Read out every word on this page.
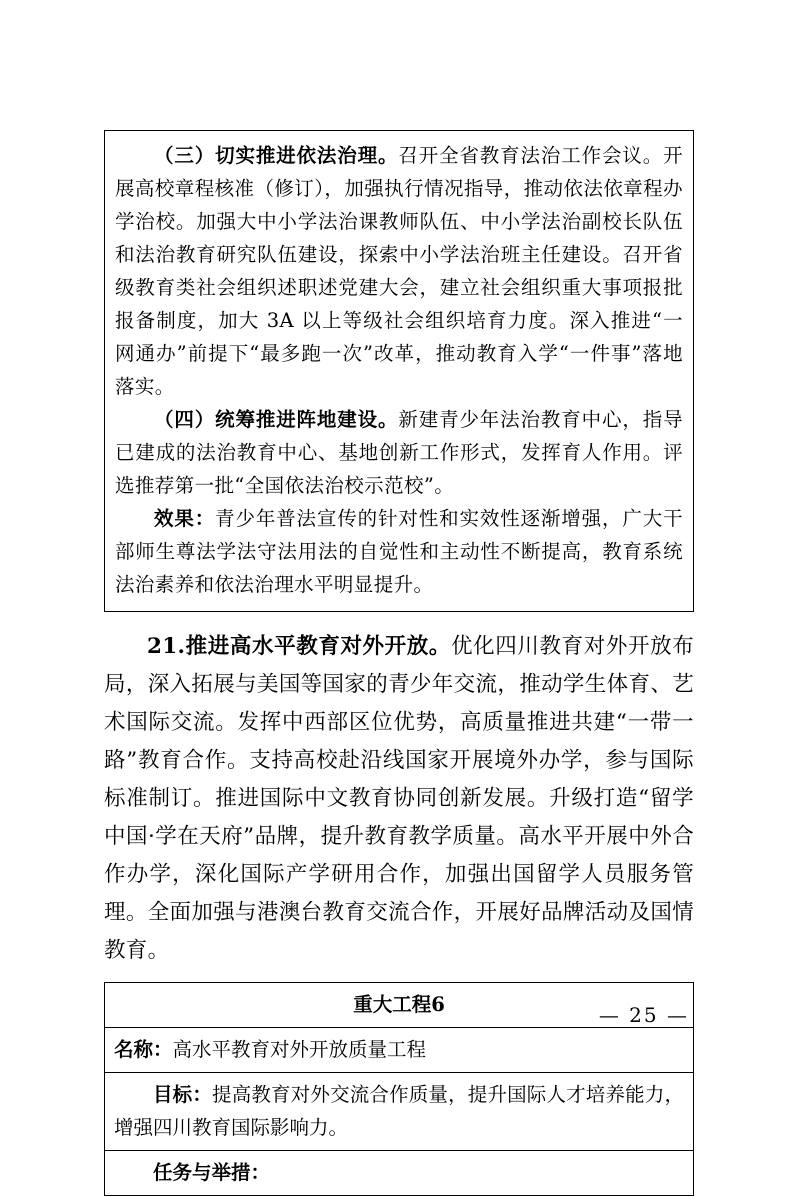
（三）切实推进依法治理。召开全省教育法治工作会议。开展高校章程核准（修订），加强执行情况指导，推动依法依章程办学治校。加强大中小学法治课教师队伍、中小学法治副校长队伍和法治教育研究队伍建设，探索中小学法治班主任建设。召开省级教育类社会组织述职述党建大会，建立社会组织重大事项报批报备制度，加大 3A 以上等级社会组织培育力度。深入推进“一网通办”前提下“最多跑一次”改革，推动教育入学“一件事”落地落实。

（四）统筹推进阵地建设。新建青少年法治教育中心，指导已建成的法治教育中心、基地创新工作形式，发挥育人作用。评选推荐第一批“全国依法治校示范校”。

效果：青少年普法宣传的针对性和实效性逐渐增强，广大干部师生尊法学法守法用法的自觉性和主动性不断提高，教育系统法治素养和依法治理水平明显提升。

21.推进高水平教育对外开放。优化四川教育对外开放布局，深入拓展与美国等国家的青少年交流，推动学生体育、艺术国际交流。发挥中西部区位优势，高质量推进共建“一带一路”教育合作。支持高校赴沿线国家开展境外办学，参与国际标准制订。推进国际中文教育协同创新发展。升级打造“留学中国·学在天府”品牌，提升教育教学质量。高水平开展中外合作办学，深化国际产学研用合作，加强出国留学人员服务管理。全面加强与港澳台教育交流合作，开展好品牌活动及国情教育。

重大工程6
名称：高水平教育对外开放质量工程
目标：提高教育对外交流合作质量，提升国际人才培养能力，增强四川教育国际影响力。
任务与举措：
— 25 —
